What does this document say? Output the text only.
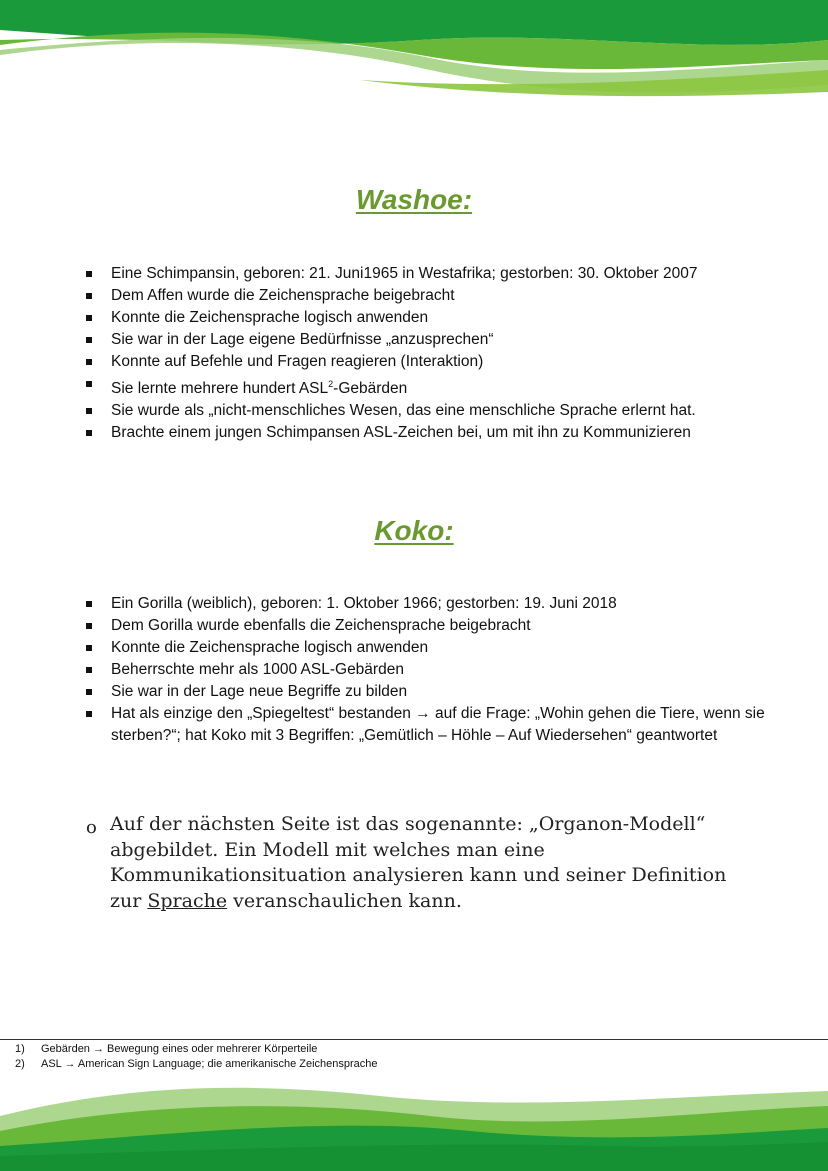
Washoe:
Eine Schimpansin, geboren: 21. Juni1965 in Westafrika; gestorben: 30. Oktober 2007
Dem Affen wurde die Zeichensprache beigebracht
Konnte die Zeichensprache logisch anwenden
Sie war in der Lage eigene Bedürfnisse „anzusprechen“
Konnte auf Befehle und Fragen reagieren (Interaktion)
Sie lernte mehrere hundert ASL$^2$-Gebärden
Sie wurde als „nicht-menschliches Wesen, das eine menschliche Sprache erlernt hat.
Brachte einem jungen Schimpansen ASL-Zeichen bei, um mit ihn zu Kommunizieren
Koko:
Ein Gorilla (weiblich), geboren: 1. Oktober 1966; gestorben: 19. Juni 2018
Dem Gorilla wurde ebenfalls die Zeichensprache beigebracht
Konnte die Zeichensprache logisch anwenden
Beherrschte mehr als 1000 ASL-Gebärden
Sie war in der Lage neue Begriffe zu bilden
Hat als einzige den „Spiegeltest“ bestanden → auf die Frage: „Wohin gehen die Tiere, wenn sie sterben?“; hat Koko mit 3 Begriffen: „Gemütlich – Höhle – Auf Wiedersehen“ geantwortet
o Auf der nächsten Seite ist das sogenannte: „Organon-Modell“ abgebildet. Ein Modell mit welches man eine Kommunikationsituation analysieren kann und seiner Definition zur Sprache veranschaulichen kann.
1) Gebärden → Bewegung eines oder mehrerer Körperteile
2) ASL → American Sign Language; die amerikanische Zeichensprache
